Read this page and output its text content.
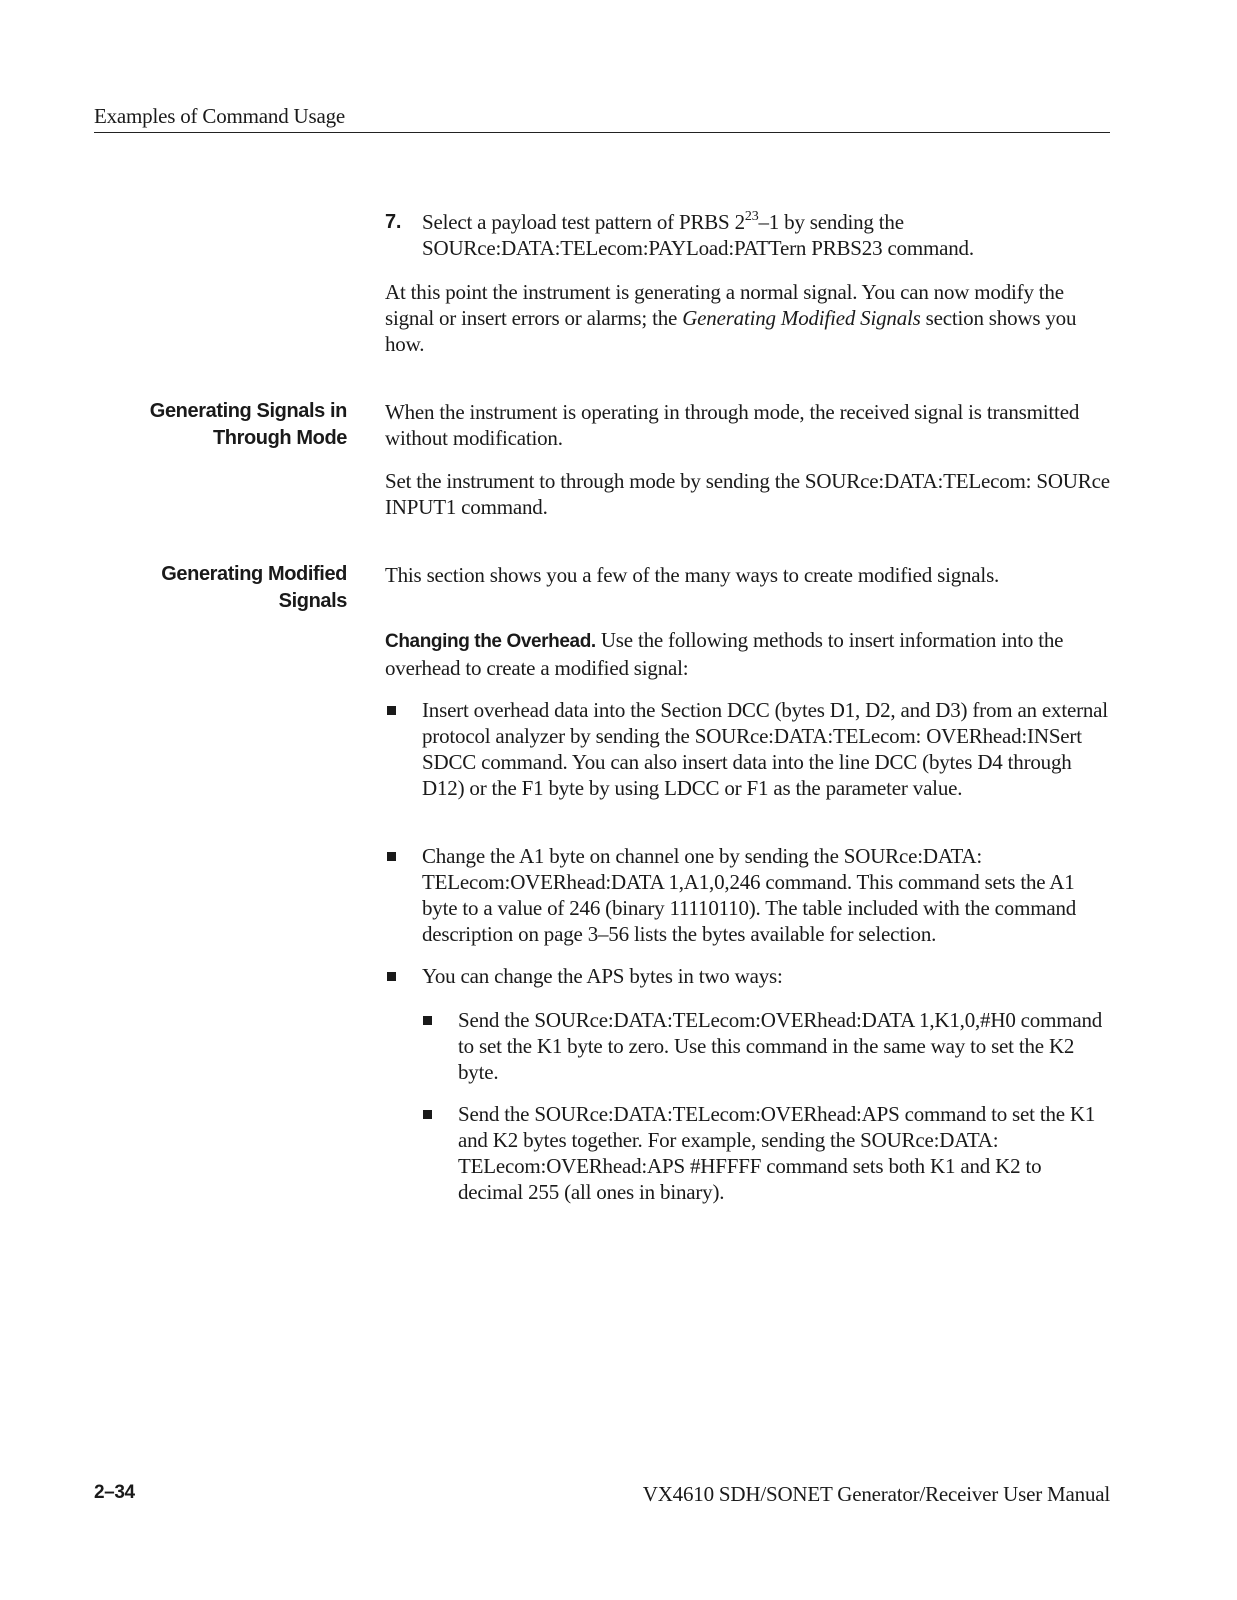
Examples of Command Usage
7. Select a payload test pattern of PRBS $2^{23}-1$ by sending the SOURce:DATA:TELecom:PAYLoad:PATTern PRBS23 command.

At this point the instrument is generating a normal signal. You can now modify the signal or insert errors or alarms; the Generating Modified Signals section shows you how.

Generating Signals in
Through Mode

When the instrument is operating in through mode, the received signal is transmitted without modification.

Set the instrument to through mode by sending the SOURce:DATA:TELecom: SOURce INPUT1 command.

Generating Modified
Signals

This section shows you a few of the many ways to create modified signals.

Changing the Overhead. Use the following methods to insert information into the overhead to create a modified signal:

Insert overhead data into the Section DCC (bytes D1, D2, and D3) from an external protocol analyzer by sending the SOURce:DATA:TELecom: OVERhead:INSert SDCC command. You can also insert data into the line DCC (bytes D4 through D12) or the F1 byte by using LDCC or F1 as the parameter value.

Change the A1 byte on channel one by sending the SOURce:DATA: TELecom:OVERhead:DATA 1,A1,0,246 command. This command sets the A1 byte to a value of 246 (binary 11110110). The table included with the command description on page 3–56 lists the bytes available for selection.

You can change the APS bytes in two ways:

Send the SOURce:DATA:TELecom:OVERhead:DATA 1,K1,0,#H0 command to set the K1 byte to zero. Use this command in the same way to set the K2 byte.

Send the SOURce:DATA:TELecom:OVERhead:APS command to set the K1 and K2 bytes together. For example, sending the SOURce:DATA: TELecom:OVERhead:APS #HFFFF command sets both K1 and K2 to decimal 255 (all ones in binary).

2–34	VX4610 SDH/SONET Generator/Receiver User Manual
